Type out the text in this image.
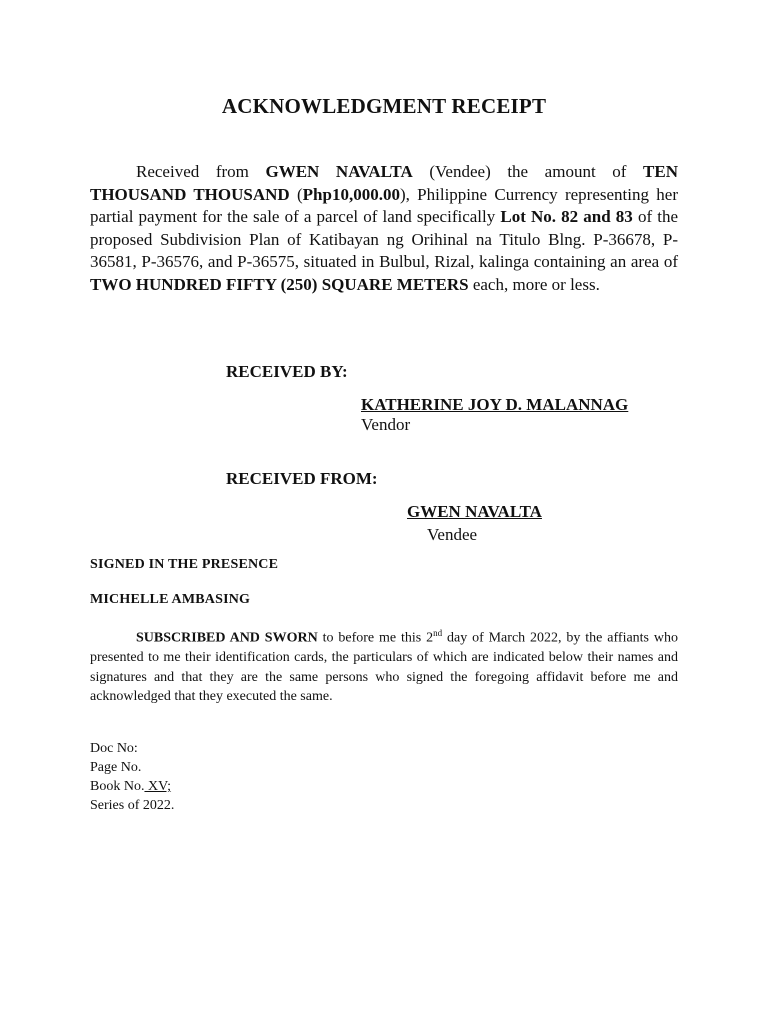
ACKNOWLEDGMENT RECEIPT
Received from GWEN NAVALTA (Vendee) the amount of TEN THOUSAND THOUSAND (Php10,000.00), Philippine Currency representing her partial payment for the sale of a parcel of land specifically Lot No. 82 and 83 of the proposed Subdivision Plan of Katibayan ng Orihinal na Titulo Blng. P-36678, P-36581, P-36576, and P-36575, situated in Bulbul, Rizal, kalinga containing an area of TWO HUNDRED FIFTY (250) SQUARE METERS each, more or less.
RECEIVED BY:
KATHERINE JOY D. MALANNAG
Vendor
RECEIVED FROM:
GWEN NAVALTA
Vendee
SIGNED IN THE PRESENCE
MICHELLE AMBASING
SUBSCRIBED AND SWORN to before me this 2nd day of March 2022, by the affiants who presented to me their identification cards, the particulars of which are indicated below their names and signatures and that they are the same persons who signed the foregoing affidavit before me and acknowledged that they executed the same.
Doc No:
Page No.
Book No. XV;
Series of 2022.
